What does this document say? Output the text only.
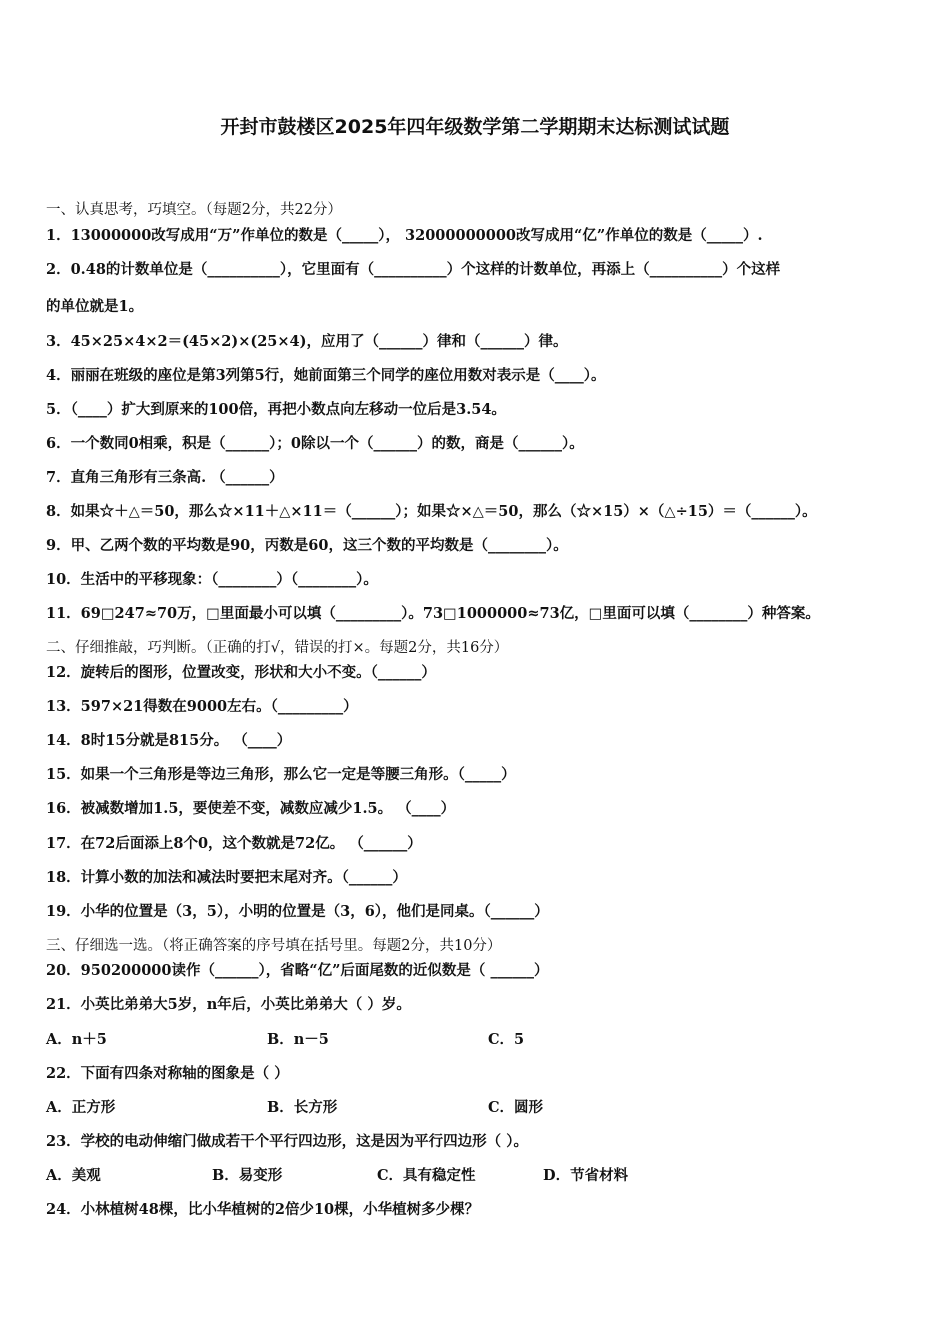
开封市鼓楼区2025年四年级数学第二学期期末达标测试试题
一、认真思考，巧填空。（每题2分，共22分）
1．13000000改写成用“万”作单位的数是（_____）， 32000000000改写成用“亿”作单位的数是（_____）.
2．0.48的计数单位是（__________），它里面有（__________）个这样的计数单位，再添上（__________）个这样
的单位就是1。
3．45×25×4×2＝(45×2)×(25×4)，应用了（______）律和（______）律。
4．丽丽在班级的座位是第3列第5行，她前面第三个同学的座位用数对表示是（____）。
5．（____）扩大到原来的100倍，再把小数点向左移动一位后是3.54。
6．一个数同0相乘，积是（______）；0除以一个（______）的数，商是（______）。
7．直角三角形有三条高. （______）
8．如果☆＋△＝50，那么☆×11＋△×11＝（______）；如果☆×△＝50，那么（☆×15）×（△÷15）＝（______）。
9．甲、乙两个数的平均数是90，丙数是60，这三个数的平均数是（________）。
10．生活中的平移现象：（________）（________）。
11．69□247≈70万，□里面最小可以填（_________）。73□1000000≈73亿，□里面可以填（________）种答案。
二、仔细推敲，巧判断。（正确的打√，错误的打×。每题2分，共16分）
12．旋转后的图形，位置改变，形状和大小不变。（______）
13．597×21得数在9000左右。（_________）
14．8时15分就是815分。 （____）
15．如果一个三角形是等边三角形，那么它一定是等腰三角形。（_____）
16．被减数增加1.5，要使差不变，减数应减少1.5。 （____）
17．在72后面添上8个0，这个数就是72亿。 （______）
18．计算小数的加法和减法时要把末尾对齐。（______）
19．小华的位置是（3，5），小明的位置是（3，6），他们是同桌。（______）
三、仔细选一选。（将正确答案的序号填在括号里。每题2分，共10分）
20．950200000读作（______），省略“亿”后面尾数的近似数是（ ______）
21．小英比弟弟大5岁，n年后，小英比弟弟大（ ）岁。
A．n＋5	B．n－5	C．5
22．下面有四条对称轴的图象是（ ）
A．正方形	B．长方形	C．圆形
23．学校的电动伸缩门做成若干个平行四边形，这是因为平行四边形（ ）。
A．美观	B．易变形	C．具有稳定性	D．节省材料
24．小林植树48棵，比小华植树的2倍少10棵，小华植树多少棵？
